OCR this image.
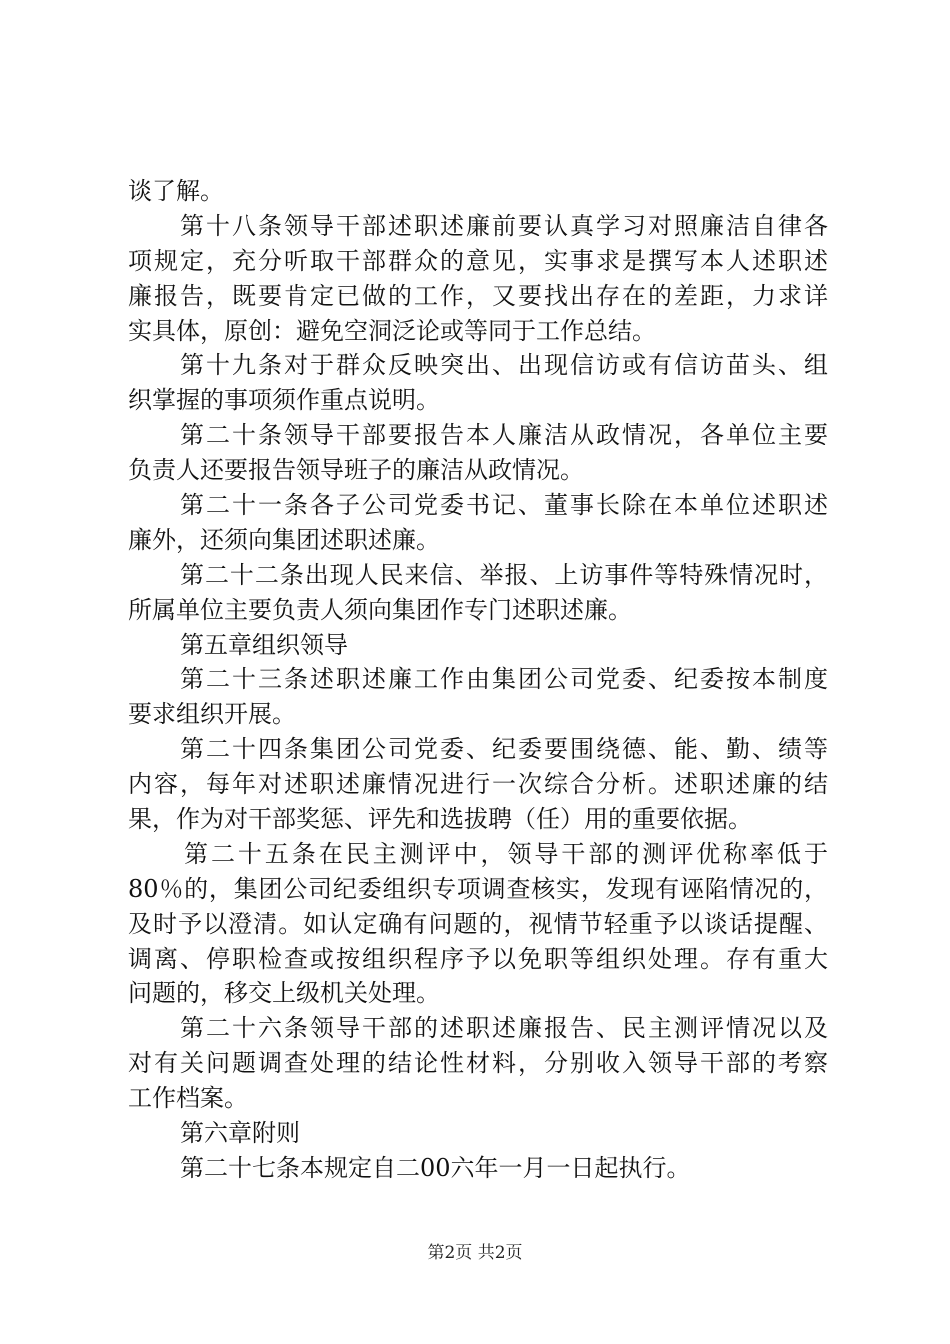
谈了解。
第十八条领导干部述职述廉前要认真学习对照廉洁自律各
项规定，充分听取干部群众的意见，实事求是撰写本人述职述
廉报告，既要肯定已做的工作，又要找出存在的差距，力求详
实具体，原创：避免空洞泛论或等同于工作总结。
第十九条对于群众反映突出、出现信访或有信访苗头、组
织掌握的事项须作重点说明。
第二十条领导干部要报告本人廉洁从政情况，各单位主要
负责人还要报告领导班子的廉洁从政情况。
第二十一条各子公司党委书记、董事长除在本单位述职述
廉外，还须向集团述职述廉。
第二十二条出现人民来信、举报、上访事件等特殊情况时，
所属单位主要负责人须向集团作专门述职述廉。
第五章组织领导
第二十三条述职述廉工作由集团公司党委、纪委按本制度
要求组织开展。
第二十四条集团公司党委、纪委要围绕德、能、勤、绩等
内容，每年对述职述廉情况进行一次综合分析。述职述廉的结
果，作为对干部奖惩、评先和选拔聘（任）用的重要依据。
第二十五条在民主测评中，领导干部的测评优称率低于
80％的，集团公司纪委组织专项调查核实，发现有诬陷情况的，
及时予以澄清。如认定确有问题的，视情节轻重予以谈话提醒、
调离、停职检查或按组织程序予以免职等组织处理。存有重大
问题的，移交上级机关处理。
第二十六条领导干部的述职述廉报告、民主测评情况以及
对有关问题调查处理的结论性材料，分别收入领导干部的考察
工作档案。
第六章附则
第二十七条本规定自二00六年一月一日起执行。
第2页 共2页
